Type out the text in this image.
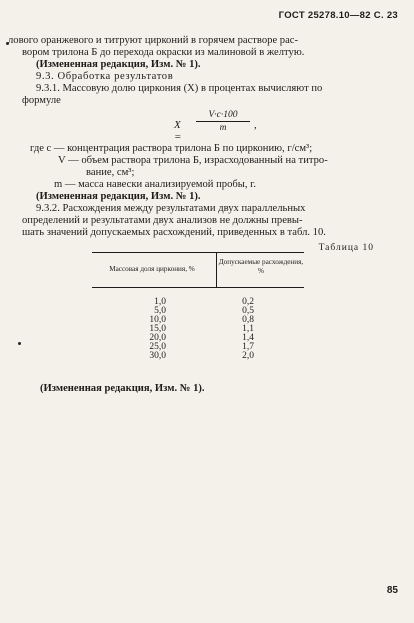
ГОСТ 25278.10—82 С. 23
лового оранжевого и титруют цирконий в горячем растворе рас-
вором трилона Б до перехода окраски из малиновой в желтую.
(Измененная редакция, Изм. № 1).
9.3. Обработка результатов
9.3.1. Массовую долю циркония (X) в процентах вычисляют по
формуле
X =
V·c·100
m	,
где c — концентрация раствора трилона Б по цирконию, г/см³;
V — объем раствора трилона Б, израсходованный на титро-
вание, см³;
m — масса навески анализируемой пробы, г.
(Измененная редакция, Изм. № 1).
9.3.2. Расхождения между результатами двух параллельных
определений и результатами двух анализов не должны превы-
шать значений допускаемых расхождений, приведенных в табл. 10.
Таблица 10
Массовая доля циркония, %
Допускаемые расхождения, %
1,0	0,2
5,0	0,5
10,0	0,8
15,0	1,1
20,0	1,4
25,0	1,7
30,0	2,0
(Измененная редакция, Изм. № 1).
85
